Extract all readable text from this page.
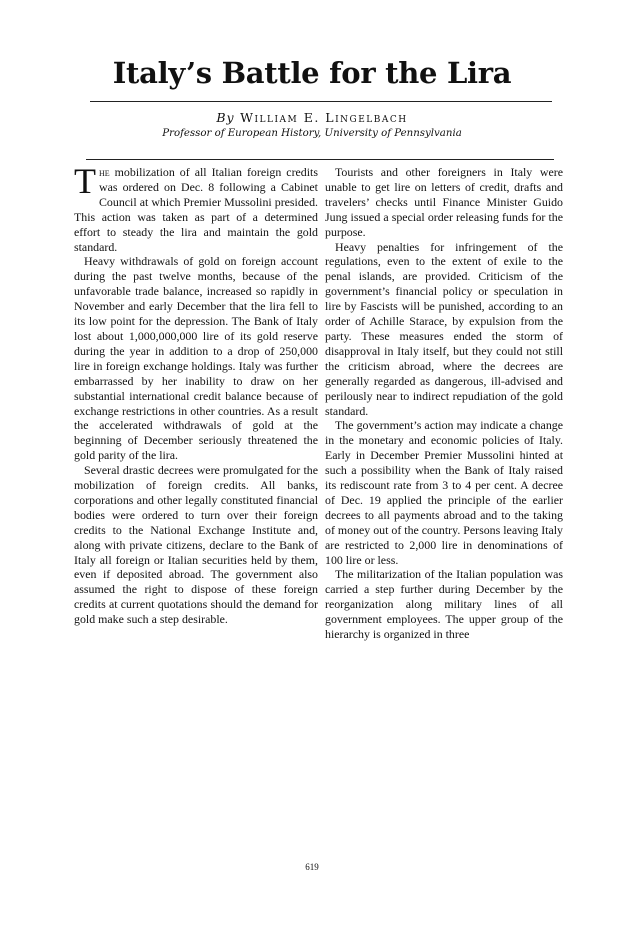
Italy’s Battle for the Lira

By William E. Lingelbach

Professor of European History, University of Pennsylvania

The mobilization of all Italian foreign credits was ordered on Dec. 8 following a Cabinet Council at which Premier Mussolini presided. This action was taken as part of a determined effort to steady the lira and maintain the gold standard.

Heavy withdrawals of gold on foreign account during the past twelve months, because of the unfavorable trade balance, increased so rapidly in November and early December that the lira fell to its low point for the depression. The Bank of Italy lost about 1,000,000,000 lire of its gold reserve during the year in addition to a drop of 250,000 lire in foreign exchange holdings. Italy was further embarrassed by her inability to draw on her substantial international credit balance because of exchange restrictions in other countries. As a result the accelerated withdrawals of gold at the beginning of December seriously threatened the gold parity of the lira.

Several drastic decrees were promulgated for the mobilization of foreign credits. All banks, corporations and other legally constituted financial bodies were ordered to turn over their foreign credits to the National Exchange Institute and, along with private citizens, declare to the Bank of Italy all foreign or Italian securities held by them, even if deposited abroad. The government also assumed the right to dispose of these foreign credits at current quotations should the demand for gold make such a step desirable.

Tourists and other foreigners in Italy were unable to get lire on letters of credit, drafts and travelers’ checks until Finance Minister Guido Jung issued a special order releasing funds for the purpose.

Heavy penalties for infringement of the regulations, even to the extent of exile to the penal islands, are provided. Criticism of the government’s financial policy or speculation in lire by Fascists will be punished, according to an order of Achille Starace, by expulsion from the party. These measures ended the storm of disapproval in Italy itself, but they could not still the criticism abroad, where the decrees are generally regarded as dangerous, ill-advised and perilously near to indirect repudiation of the gold standard.

The government’s action may indicate a change in the monetary and economic policies of Italy. Early in December Premier Mussolini hinted at such a possibility when the Bank of Italy raised its rediscount rate from 3 to 4 per cent. A decree of Dec. 19 applied the principle of the earlier decrees to all payments abroad and to the taking of money out of the country. Persons leaving Italy are restricted to 2,000 lire in denominations of 100 lire or less.

The militarization of the Italian population was carried a step further during December by the reorganization along military lines of all government employees. The upper group of the hierarchy is organized in three

619
